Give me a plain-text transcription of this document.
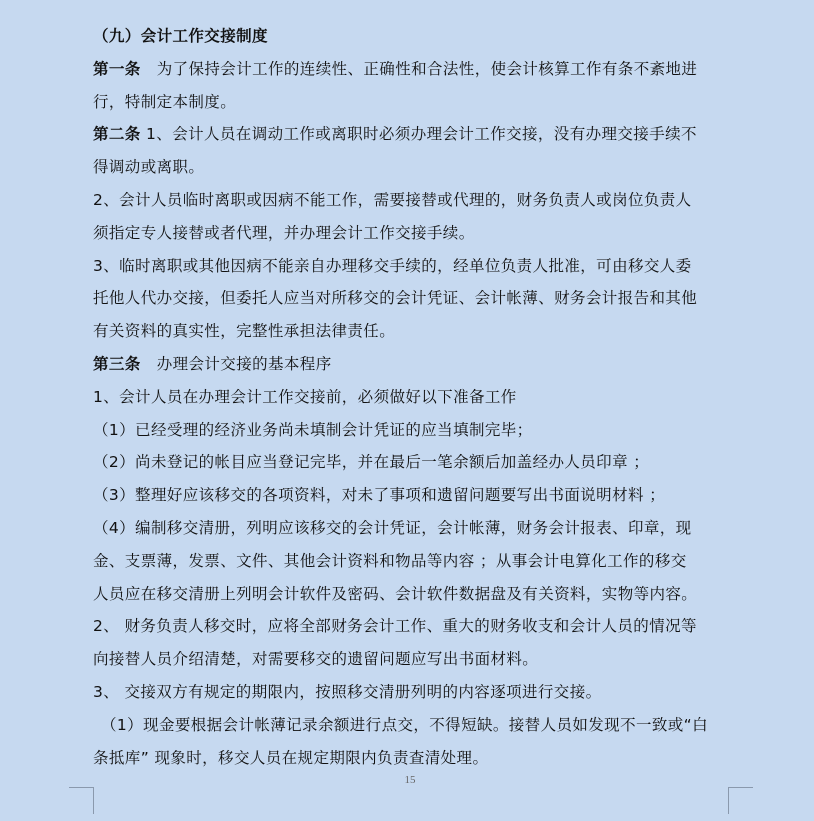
（九）会计工作交接制度
第一条 为了保持会计工作的连续性、正确性和合法性，使会计核算工作有条不紊地进
行，特制定本制度。
第二条 1、会计人员在调动工作或离职时必须办理会计工作交接，没有办理交接手续不
得调动或离职。
2、会计人员临时离职或因病不能工作，需要接替或代理的，财务负责人或岗位负责人
须指定专人接替或者代理，并办理会计工作交接手续。
3、临时离职或其他因病不能亲自办理移交手续的，经单位负责人批准，可由移交人委
托他人代办交接，但委托人应当对所移交的会计凭证、会计帐薄、财务会计报告和其他
有关资料的真实性，完整性承担法律责任。
第三条 办理会计交接的基本程序
1、会计人员在办理会计工作交接前，必须做好以下准备工作
（1）已经受理的经济业务尚未填制会计凭证的应当填制完毕；
（2）尚未登记的帐目应当登记完毕，并在最后一笔余额后加盖经办人员印章 ；
（3）整理好应该移交的各项资料，对未了事项和遗留问题要写出书面说明材料 ；
（4）编制移交清册，列明应该移交的会计凭证，会计帐薄，财务会计报表、印章，现
金、支票薄，发票、文件、其他会计资料和物品等内容 ；从事会计电算化工作的移交
人员应在移交清册上列明会计软件及密码、会计软件数据盘及有关资料，实物等内容。
2、 财务负责人移交时，应将全部财务会计工作、重大的财务收支和会计人员的情况等
向接替人员介绍清楚，对需要移交的遗留问题应写出书面材料。
3、 交接双方有规定的期限内，按照移交清册列明的内容逐项进行交接。
（1）现金要根据会计帐薄记录余额进行点交，不得短缺。接替人员如发现不一致或“白
条抵库” 现象时，移交人员在规定期限内负责查清处理。
15
